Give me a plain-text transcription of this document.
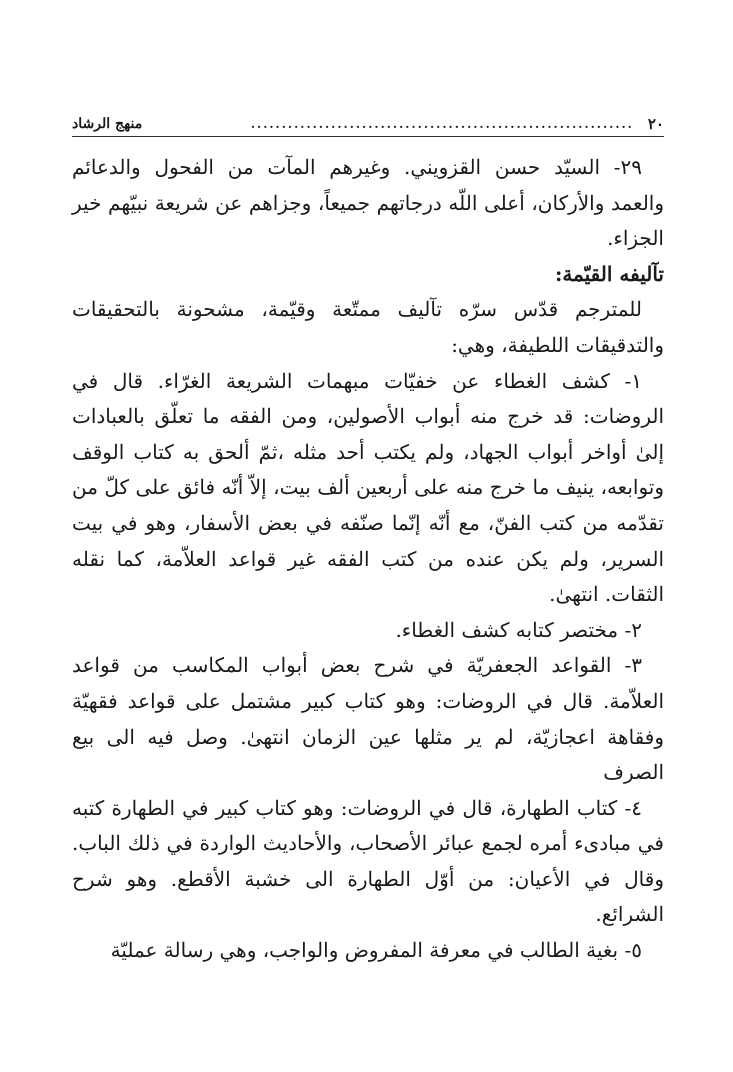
٢٠
..............................................................
منهج الرشاد

٢٩- السيّد حسن القزويني. وغيرهم المآت من الفحول والدعائم والعمد والأركان، أعلى اللّه درجاتهم جميعاً، وجزاهم عن شريعة نبيّهم خير الجزاء.

تآليفه القيّمة:

للمترجم قدّس سرّه تآليف ممتّعة وقيّمة، مشحونة بالتحقيقات والتدقيقات اللطيفة، وهي:

١- كشف الغطاء عن خفيّات مبهمات الشريعة الغرّاء. قال في الروضات: قد خرج منه أبواب الأصولين، ومن الفقه ما تعلّق بالعبادات إلىٰ أواخر أبواب الجهاد، ولم يكتب أحد مثله ،ثمّ ألحق به كتاب الوقف وتوابعه، ينيف ما خرج منه على أربعين ألف بيت، إلاّ أنّه فائق على كلّ من تقدّمه من كتب الفنّ، مع أنّه إنّما صنّفه في بعض الأسفار، وهو في بيت السرير، ولم يكن عنده من كتب الفقه غير قواعد العلاّمة، كما نقله الثقات. انتهىٰ.

٢- مختصر كتابه كشف الغطاء.

٣- القواعد الجعفريّة في شرح بعض أبواب المكاسب من قواعد العلاّمة. قال في الروضات: وهو كتاب كبير مشتمل على قواعد فقهيّة وفقاهة اعجازيّة، لم ير مثلها عين الزمان انتهىٰ. وصل فيه الى بيع الصرف

٤- كتاب الطهارة، قال في الروضات: وهو كتاب كبير في الطهارة كتبه في مبادىء أمره لجمع عبائر الأصحاب، والأحاديث الواردة في ذلك الباب. وقال في الأعيان: من أوّل الطهارة الى خشبة الأقطع. وهو شرح الشرائع.

٥- بغية الطالب في معرفة المفروض والواجب، وهي رسالة عمليّة
